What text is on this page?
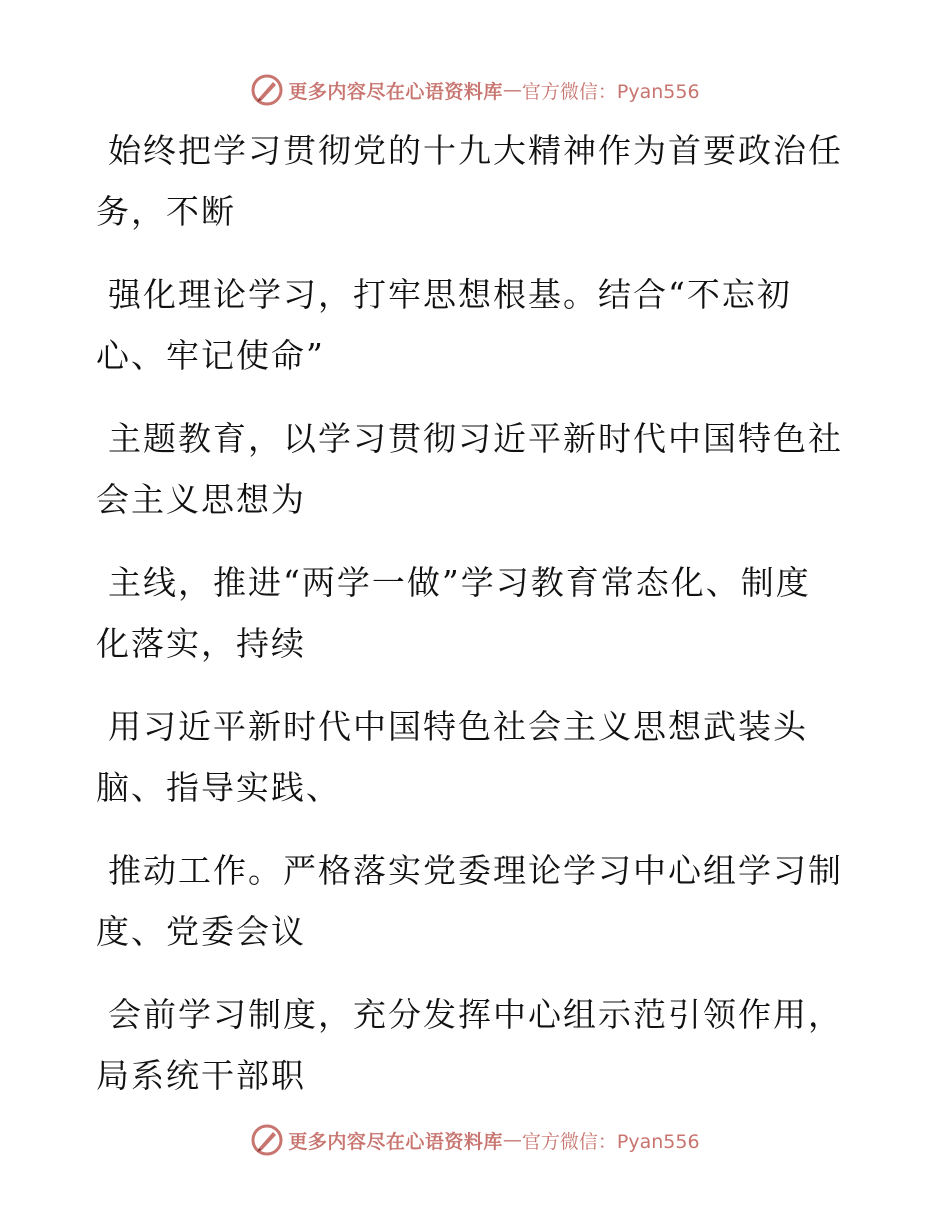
更多内容尽在心语资料库 — 官方微信：Pyan556
始终把学习贯彻党的十九大精神作为首要政治任
务，不断
强化理论学习，打牢思想根基。结合“不忘初
心、牢记使命”
主题教育，以学习贯彻习近平新时代中国特色社
会主义思想为
主线，推进“两学一做”学习教育常态化、制度
化落实，持续
用习近平新时代中国特色社会主义思想武装头
脑、指导实践、
推动工作。严格落实党委理论学习中心组学习制
度、党委会议
会前学习制度，充分发挥中心组示范引领作用，
局系统干部职
更多内容尽在心语资料库 — 官方微信：Pyan556
